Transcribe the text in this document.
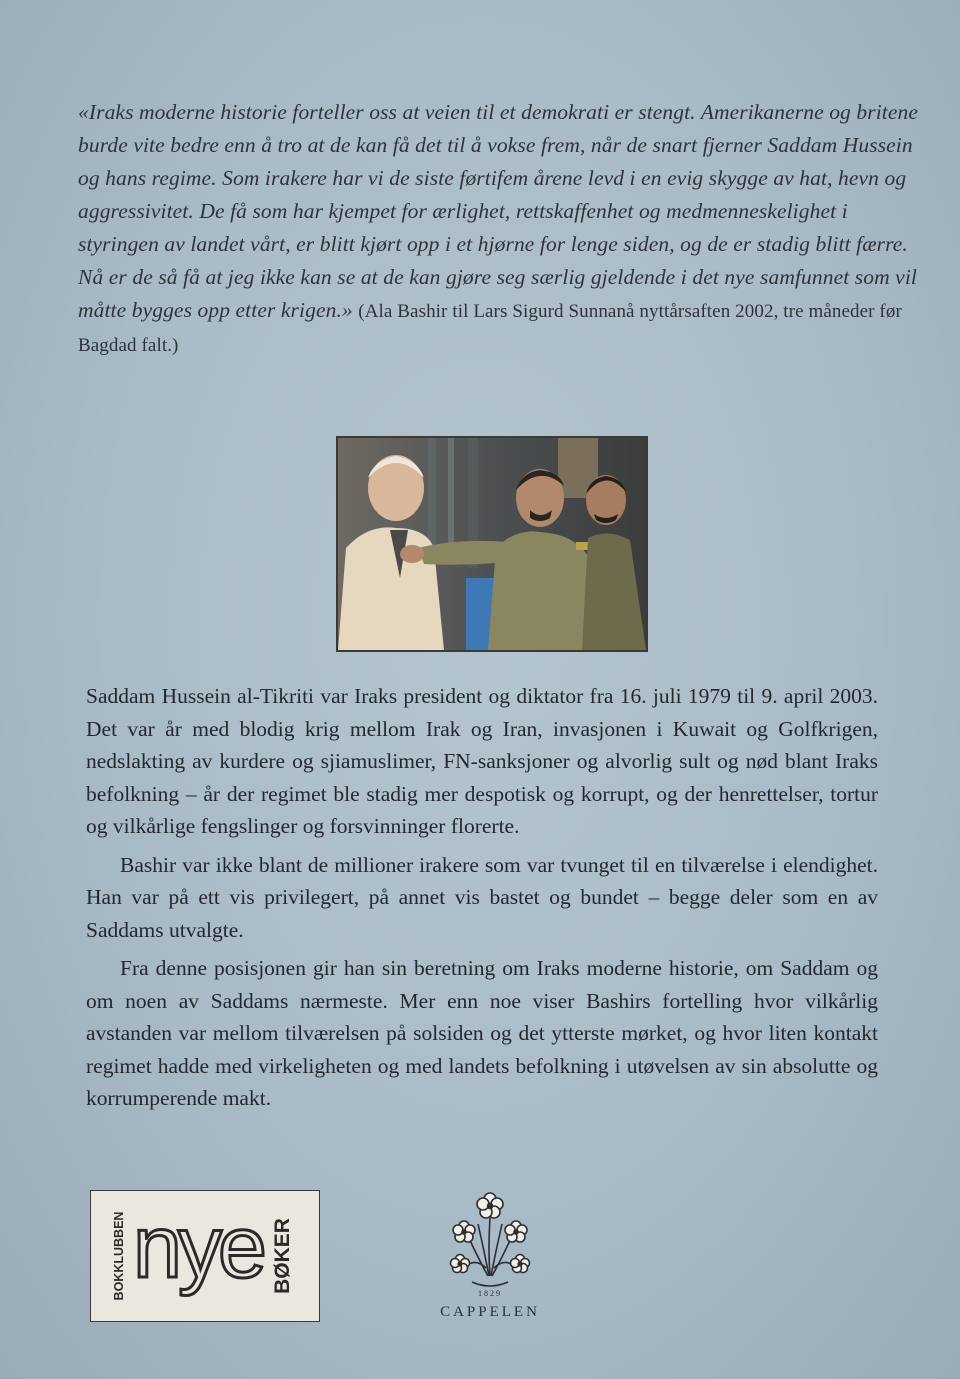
«Iraks moderne historie forteller oss at veien til et demokrati er stengt. Amerikanerne og britene burde vite bedre enn å tro at de kan få det til å vokse frem, når de snart fjerner Saddam Hussein og hans regime. Som irakere har vi de siste førtifem årene levd i en evig skygge av hat, hevn og aggressivitet. De få som har kjempet for ærlighet, rettskaffenhet og medmenneskelighet i styringen av landet vårt, er blitt kjørt opp i et hjørne for lenge siden, og de er stadig blitt færre. Nå er de så få at jeg ikke kan se at de kan gjøre seg særlig gjeldende i det nye samfunnet som vil måtte bygges opp etter krigen.» (Ala Bashir til Lars Sigurd Sunnanå nyttårsaften 2002, tre måneder før Bagdad falt.)

Saddam Hussein al-Tikriti var Iraks president og diktator fra 16. juli 1979 til 9. april 2003. Det var år med blodig krig mellom Irak og Iran, invasjonen i Kuwait og Golfkrigen, nedslakting av kurdere og sjiamuslimer, FN-sanksjoner og alvorlig sult og nød blant Iraks befolkning – år der regimet ble stadig mer despotisk og korrupt, og der henrettelser, tortur og vilkårlige fengslinger og forsvinninger florerte.

Bashir var ikke blant de millioner irakere som var tvunget til en tilværelse i elendighet. Han var på ett vis privilegert, på annet vis bastet og bundet – begge deler som en av Saddams utvalgte.

Fra denne posisjonen gir han sin beretning om Iraks moderne historie, om Saddam og om noen av Saddams nærmeste. Mer enn noe viser Bashirs fortelling hvor vilkårlig avstanden var mellom tilværelsen på solsiden og det ytterste mørket, og hvor liten kontakt regimet hadde med virkeligheten og med landets befolkning i utøvelsen av sin absolutte og korrumperende makt.

BOKKLUBBEN nye BØKER	1829
CAPPELEN
